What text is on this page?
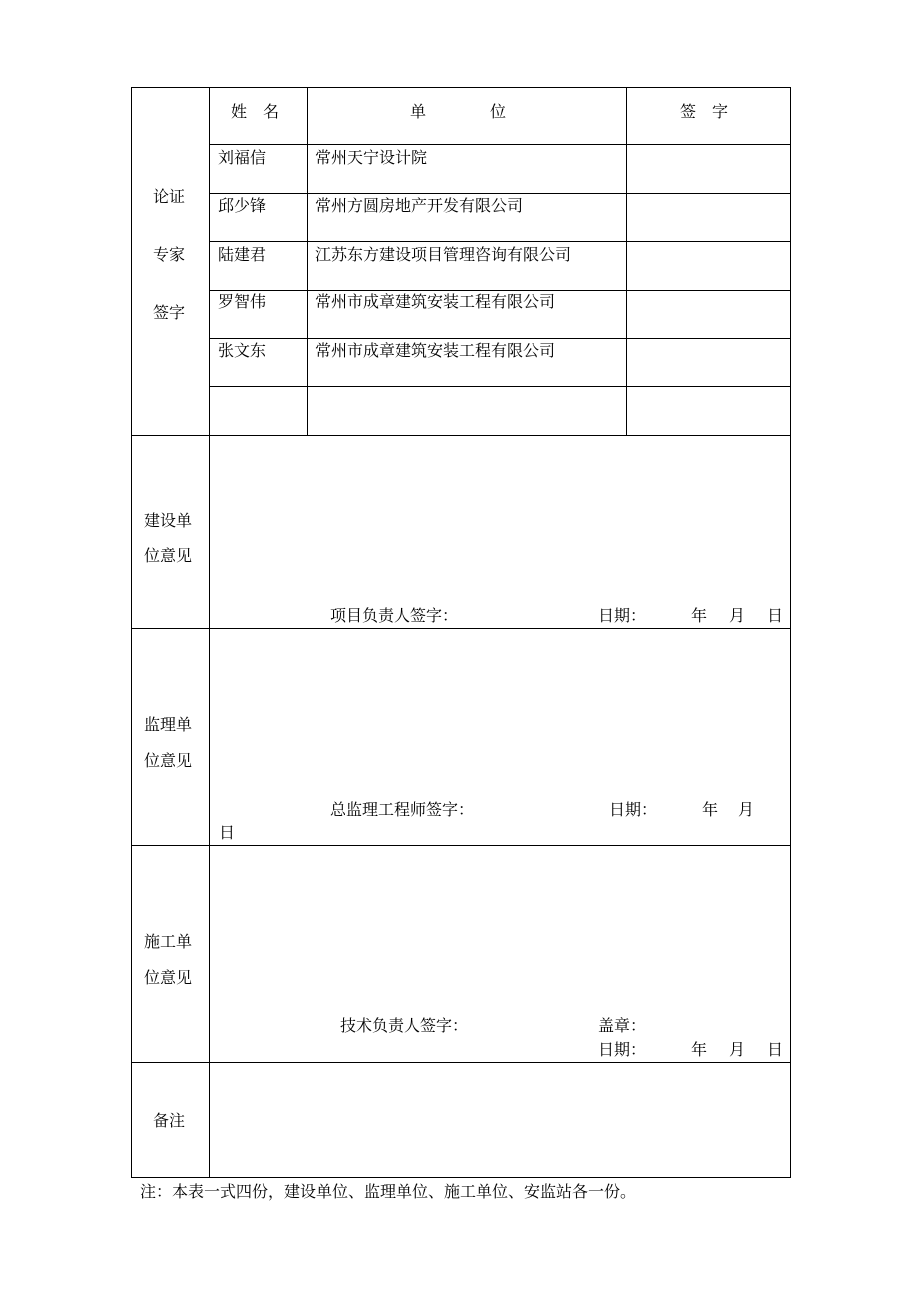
论证
专家
签字
姓　名	单　　　　位	签　字
刘福信	常州天宁设计院
邱少锋	常州方圆房地产开发有限公司
陆建君	江苏东方建设项目管理咨询有限公司
罗智伟	常州市成章建筑安装工程有限公司
张文东	常州市成章建筑安装工程有限公司
建设单
位意见
项目负责人签字：	日期：	年 月 日
监理单
位意见
总监理工程师签字：	日期：	年 月
日
施工单
位意见
技术负责人签字：	盖章：
日期：	年 月 日
备注
注：本表一式四份，建设单位、监理单位、施工单位、安监站各一份。
